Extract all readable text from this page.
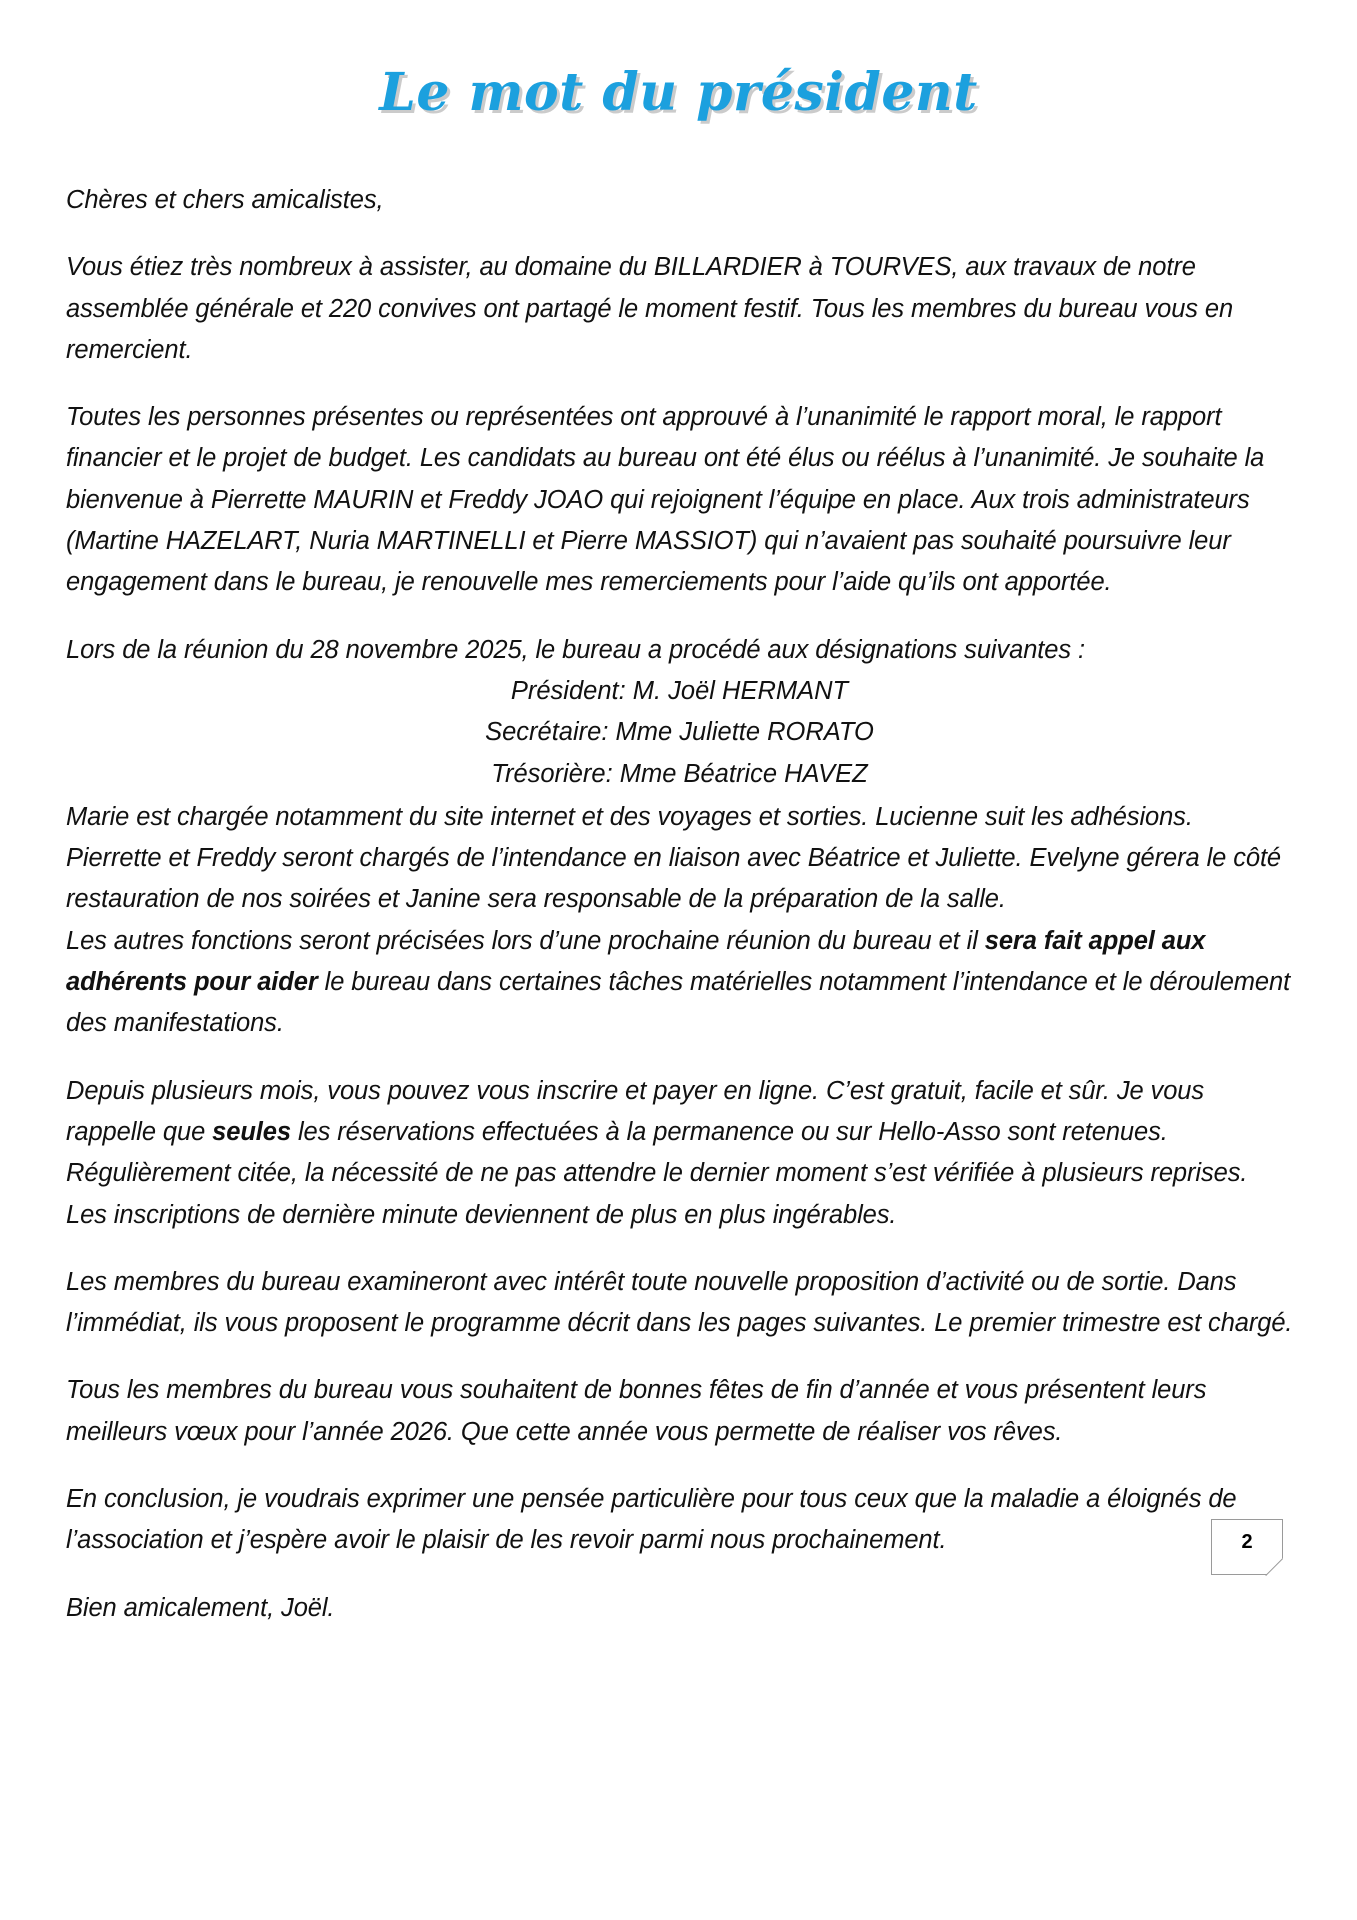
Le mot du président

Chères et chers amicalistes,

Vous étiez très nombreux à assister, au domaine du BILLARDIER à TOURVES, aux travaux de notre assemblée générale et 220 convives ont partagé le moment festif. Tous les membres du bureau vous en remercient.

Toutes les personnes présentes ou représentées ont approuvé à l’unanimité le rapport moral, le rapport financier et le projet de budget. Les candidats au bureau ont été élus ou réélus à l’unanimité. Je souhaite la bienvenue à Pierrette MAURIN et Freddy JOAO qui rejoignent l’équipe en place. Aux trois administrateurs (Martine HAZELART, Nuria MARTINELLI et Pierre MASSIOT) qui n’avaient pas souhaité poursuivre leur engagement dans le bureau, je renouvelle mes remerciements pour l’aide qu’ils ont apportée.

Lors de la réunion du 28 novembre 2025, le bureau a procédé aux désignations suivantes :

Président: M. Joël HERMANT
Secrétaire: Mme Juliette RORATO
Trésorière: Mme Béatrice HAVEZ

Marie est chargée notamment du site internet et des voyages et sorties. Lucienne suit les adhésions.

Pierrette et Freddy seront chargés de l’intendance en liaison avec Béatrice et Juliette. Evelyne gérera le côté restauration de nos soirées et Janine sera responsable de la préparation de la salle.

Les autres fonctions seront précisées lors d’une prochaine réunion du bureau et il sera fait appel aux adhérents pour aider le bureau dans certaines tâches matérielles notamment l’intendance et le déroulement des manifestations.

Depuis plusieurs mois, vous pouvez vous inscrire et payer en ligne. C’est gratuit, facile et sûr. Je vous rappelle que seules les réservations effectuées à la permanence ou sur Hello-Asso sont retenues. Régulièrement citée, la nécessité de ne pas attendre le dernier moment s’est vérifiée à plusieurs reprises. Les inscriptions de dernière minute deviennent de plus en plus ingérables.

Les membres du bureau examineront avec intérêt toute nouvelle proposition d’activité ou de sortie. Dans l’immédiat, ils vous proposent le programme décrit dans les pages suivantes. Le premier trimestre est chargé.

Tous les membres du bureau vous souhaitent de bonnes fêtes de fin d’année et vous présentent leurs meilleurs vœux pour l’année 2026. Que cette année vous permette de réaliser vos rêves.

En conclusion, je voudrais exprimer une pensée particulière pour tous ceux que la maladie a éloignés de l’association et j’espère avoir le plaisir de les revoir parmi nous prochainement.

Bien amicalement, Joël.

2
